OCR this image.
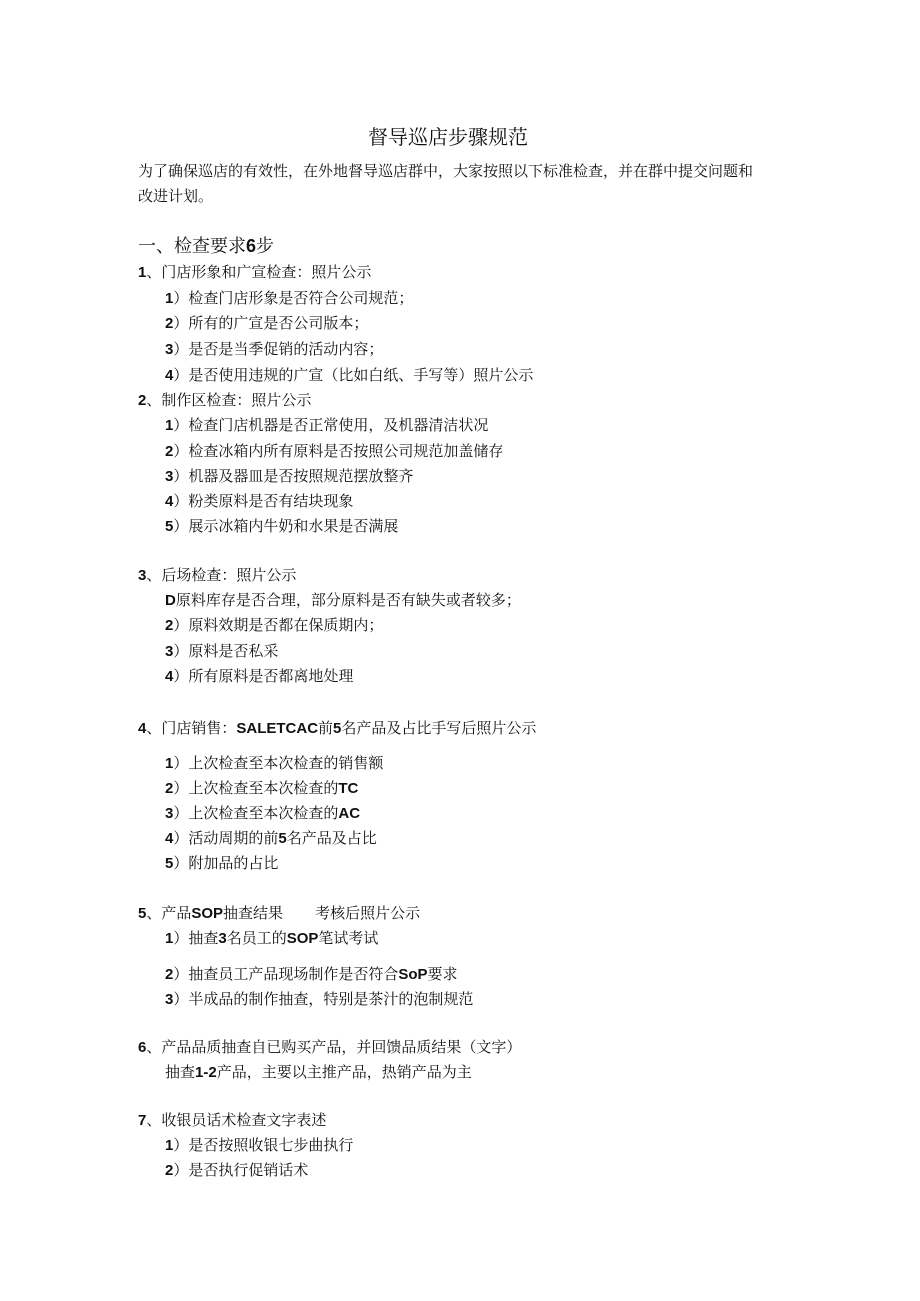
督导巡店步骤规范
为了确保巡店的有效性，在外地督导巡店群中，大家按照以下标准检查，并在群中提交问题和
改进计划。
一、检查要求6步
1、门店形象和广宣检查：照片公示
1）检查门店形象是否符合公司规范；
2）所有的广宣是否公司版本；
3）是否是当季促销的活动内容；
4）是否使用违规的广宣（比如白纸、手写等）照片公示
2、制作区检查：照片公示
1）检查门店机器是否正常使用，及机器清洁状况
2）检查冰箱内所有原料是否按照公司规范加盖储存
3）机器及器皿是否按照规范摆放整齐
4）粉类原料是否有结块现象
5）展示冰箱内牛奶和水果是否满展
3、后场检查：照片公示
D原料库存是否合理，部分原料是否有缺失或者较多；
2）原料效期是否都在保质期内；
3）原料是否私采
4）所有原料是否都离地处理
4、门店销售：SALETCAC前5名产品及占比手写后照片公示
1）上次检查至本次检查的销售额
2）上次检查至本次检查的TC
3）上次检查至本次检查的AC
4）活动周期的前5名产品及占比
5）附加品的占比
5、产品SOP抽查结果 考核后照片公示
1）抽查3名员工的SOP笔试考试
2）抽查员工产品现场制作是否符合SoP要求
3）半成品的制作抽查，特别是茶汁的泡制规范
6、产品品质抽查自已购买产品，并回馈品质结果（文字）
抽查1-2产品，主要以主推产品，热销产品为主
7、收银员话术检查文字表述
1）是否按照收银七步曲执行
2）是否执行促销话术
